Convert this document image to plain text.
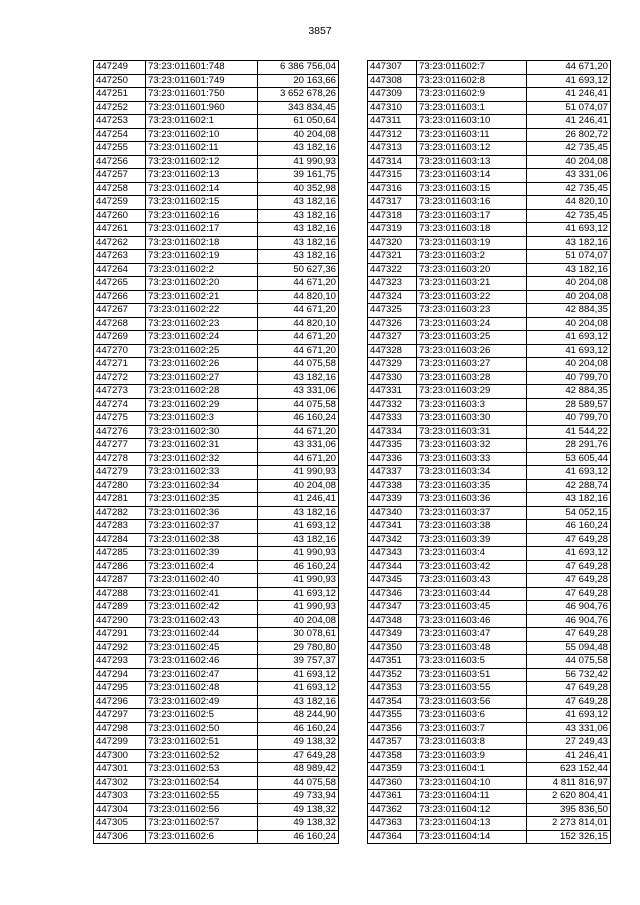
3857
447249	73:23:011601:748	6 386 756,04
447250	73:23:011601:749	20 163,66
447251	73:23:011601:750	3 652 678,26
447252	73:23:011601:960	343 834,45
447253	73:23:011602:1	61 050,64
447254	73:23:011602:10	40 204,08
447255	73:23:011602:11	43 182,16
447256	73:23:011602:12	41 990,93
447257	73:23:011602:13	39 161,75
447258	73:23:011602:14	40 352,98
447259	73:23:011602:15	43 182,16
447260	73:23:011602:16	43 182,16
447261	73:23:011602:17	43 182,16
447262	73:23:011602:18	43 182,16
447263	73:23:011602:19	43 182,16
447264	73:23:011602:2	50 627,36
447265	73:23:011602:20	44 671,20
447266	73:23:011602:21	44 820,10
447267	73:23:011602:22	44 671,20
447268	73:23:011602:23	44 820,10
447269	73:23:011602:24	44 671,20
447270	73:23:011602:25	44 671,20
447271	73:23:011602:26	44 075,58
447272	73:23:011602:27	43 182,16
447273	73:23:011602:28	43 331,06
447274	73:23:011602:29	44 075,58
447275	73:23:011602:3	46 160,24
447276	73:23:011602:30	44 671,20
447277	73:23:011602:31	43 331,06
447278	73:23:011602:32	44 671,20
447279	73:23:011602:33	41 990,93
447280	73:23:011602:34	40 204,08
447281	73:23:011602:35	41 246,41
447282	73:23:011602:36	43 182,16
447283	73:23:011602:37	41 693,12
447284	73:23:011602:38	43 182,16
447285	73:23:011602:39	41 990,93
447286	73:23:011602:4	46 160,24
447287	73:23:011602:40	41 990,93
447288	73:23:011602:41	41 693,12
447289	73:23:011602:42	41 990,93
447290	73:23:011602:43	40 204,08
447291	73:23:011602:44	30 078,61
447292	73:23:011602:45	29 780,80
447293	73:23:011602:46	39 757,37
447294	73:23:011602:47	41 693,12
447295	73:23:011602:48	41 693,12
447296	73:23:011602:49	43 182,16
447297	73:23:011602:5	48 244,90
447298	73:23:011602:50	46 160,24
447299	73:23:011602:51	49 138,32
447300	73:23:011602:52	47 649,28
447301	73:23:011602:53	48 989,42
447302	73:23:011602:54	44 075,58
447303	73:23:011602:55	49 733,94
447304	73:23:011602:56	49 138,32
447305	73:23:011602:57	49 138,32
447306	73:23:011602:6	46 160,24
447307	73:23:011602:7	44 671,20
447308	73:23:011602:8	41 693,12
447309	73:23:011602:9	41 246,41
447310	73:23:011603:1	51 074,07
447311	73:23:011603:10	41 246,41
447312	73:23:011603:11	26 802,72
447313	73:23:011603:12	42 735,45
447314	73:23:011603:13	40 204,08
447315	73:23:011603:14	43 331,06
447316	73:23:011603:15	42 735,45
447317	73:23:011603:16	44 820,10
447318	73:23:011603:17	42 735,45
447319	73:23:011603:18	41 693,12
447320	73:23:011603:19	43 182,16
447321	73:23:011603:2	51 074,07
447322	73:23:011603:20	43 182,16
447323	73:23:011603:21	40 204,08
447324	73:23:011603:22	40 204,08
447325	73:23:011603:23	42 884,35
447326	73:23:011603:24	40 204,08
447327	73:23:011603:25	41 693,12
447328	73:23:011603:26	41 693,12
447329	73:23:011603:27	40 204,08
447330	73:23:011603:28	40 799,70
447331	73:23:011603:29	42 884,35
447332	73:23:011603:3	28 589,57
447333	73:23:011603:30	40 799,70
447334	73:23:011603:31	41 544,22
447335	73:23:011603:32	28 291,76
447336	73:23:011603:33	53 605,44
447337	73:23:011603:34	41 693,12
447338	73:23:011603:35	42 288,74
447339	73:23:011603:36	43 182,16
447340	73:23:011603:37	54 052,15
447341	73:23:011603:38	46 160,24
447342	73:23:011603:39	47 649,28
447343	73:23:011603:4	41 693,12
447344	73:23:011603:42	47 649,28
447345	73:23:011603:43	47 649,28
447346	73:23:011603:44	47 649,28
447347	73:23:011603:45	46 904,76
447348	73:23:011603:46	46 904,76
447349	73:23:011603:47	47 649,28
447350	73:23:011603:48	55 094,48
447351	73:23:011603:5	44 075,58
447352	73:23:011603:51	56 732,42
447353	73:23:011603:55	47 649,28
447354	73:23:011603:56	47 649,28
447355	73:23:011603:6	41 693,12
447356	73:23:011603:7	43 331,06
447357	73:23:011603:8	27 249,43
447358	73:23:011603:9	41 246,41
447359	73:23:011604:1	623 152,44
447360	73:23:011604:10	4 811 816,97
447361	73:23:011604:11	2 620 804,41
447362	73:23:011604:12	395 836,50
447363	73:23:011604:13	2 273 814,01
447364	73:23:011604:14	152 326,15
